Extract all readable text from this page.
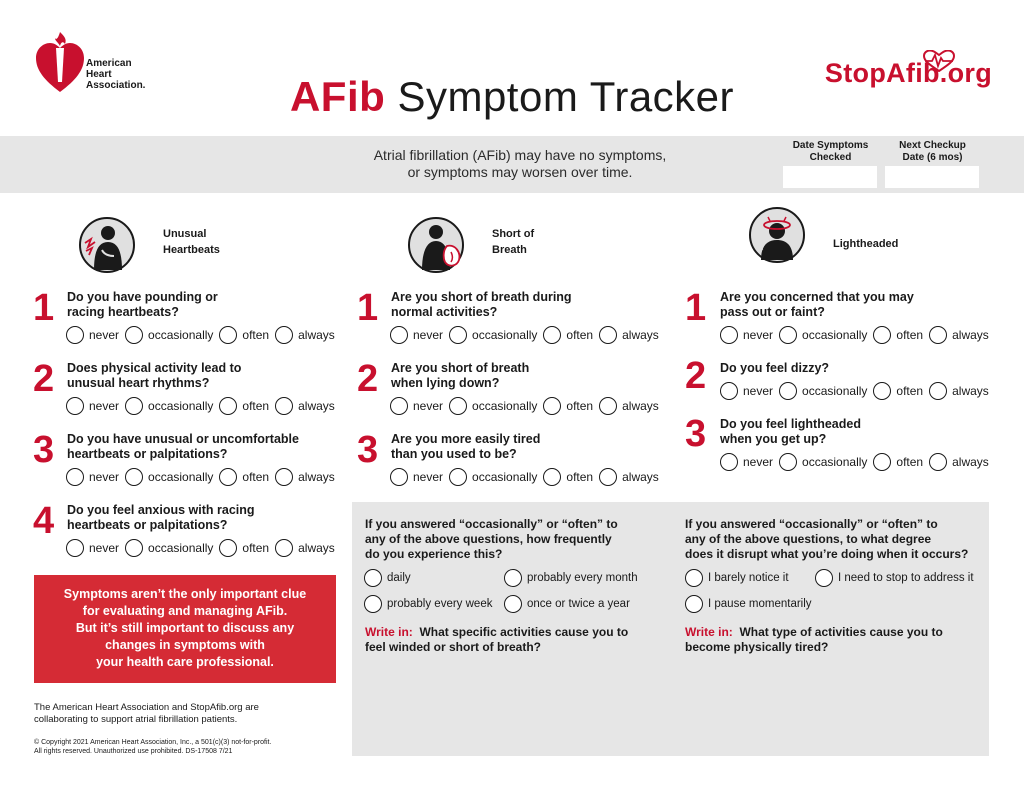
American
Heart
Association.	AFib Symptom Tracker	StopAfib.org
Atrial fibrillation (AFib) may have no symptoms,
or symptoms may worsen over time.
Date Symptoms
Checked
Next Checkup
Date (6 mos)
Unusual
Heartbeats
Short of
Breath	Lightheaded
1 Do you have pounding or
racing heartbeats?
never occasionally often always
2 Does physical activity lead to
unusual heart rhythms?
never occasionally often always
3 Do you have unusual or uncomfortable
heartbeats or palpitations?
never occasionally often always
4 Do you feel anxious with racing
heartbeats or palpitations?
never occasionally often always
1 Are you short of breath during
normal activities?
never occasionally often always
2 Are you short of breath
when lying down?
never occasionally often always
3 Are you more easily tired
than you used to be?
never occasionally often always
1 Are you concerned that you may
pass out or faint?
never occasionally often always
2 Do you feel dizzy?
never occasionally often always
3 Do you feel lightheaded
when you get up?
never occasionally often always
Symptoms aren’t the only important clue
for evaluating and managing AFib.
But it’s still important to discuss any
changes in symptoms with
your health care professional.
The American Heart Association and StopAfib.org are
collaborating to support atrial fibrillation patients.
© Copyright 2021 American Heart Association, Inc., a 501(c)(3) not-for-profit.
All rights reserved. Unauthorized use prohibited. DS-17508 7/21
If you answered “occasionally” or “often” to
any of the above questions, how frequently
do you experience this?
daily	probably every month
probably every week	once or twice a year
Write in: What specific activities cause you to
feel winded or short of breath?
If you answered “occasionally” or “often” to
any of the above questions, to what degree
does it disrupt what you’re doing when it occurs?
I barely notice it	I need to stop to address it
I pause momentarily
Write in: What type of activities cause you to
become physically tired?
